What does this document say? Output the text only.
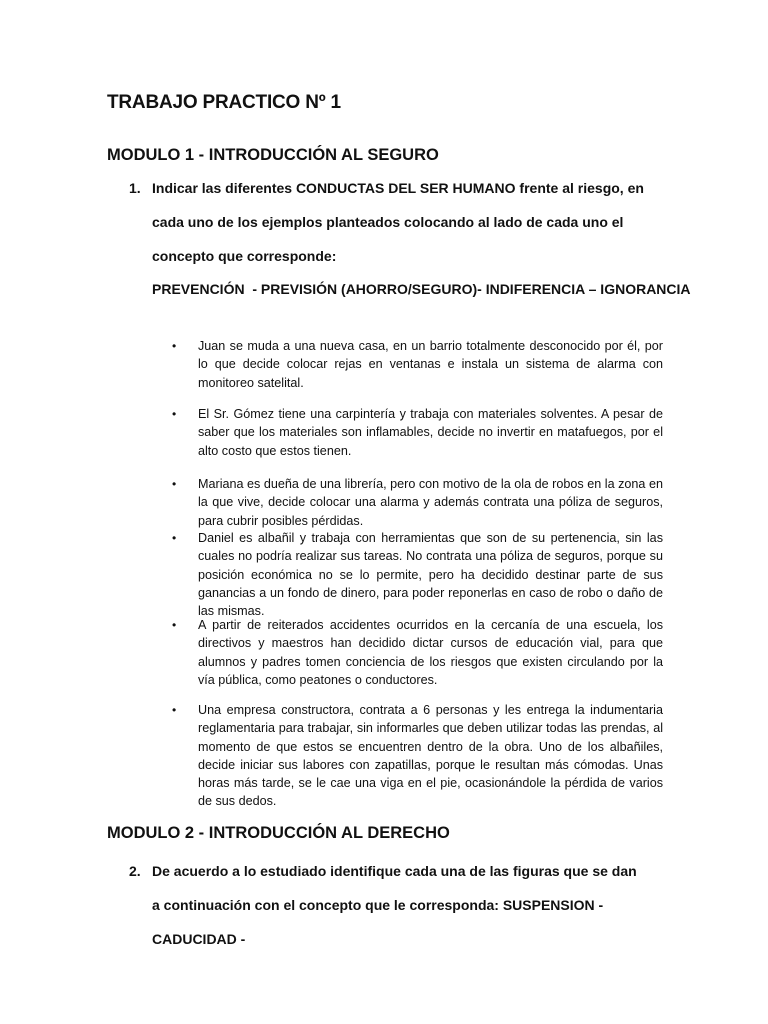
TRABAJO PRACTICO Nº 1
MODULO 1 - INTRODUCCIÓN AL SEGURO
1. Indicar las diferentes CONDUCTAS DEL SER HUMANO frente al riesgo, en cada uno de los ejemplos planteados colocando al lado de cada uno el concepto que corresponde:

PREVENCIÓN  - PREVISIÓN (AHORRO/SEGURO)- INDIFERENCIA – IGNORANCIA

•	Juan se muda a una nueva casa, en un barrio totalmente desconocido por él, por lo que decide colocar rejas en ventanas e instala un sistema de alarma con monitoreo satelital.
•	El Sr. Gómez tiene una carpintería y trabaja con materiales solventes. A pesar de saber que los materiales son inflamables, decide no invertir en matafuegos, por el alto costo que estos tienen.
•	Mariana es dueña de una librería, pero con motivo de la ola de robos en la zona en la que vive, decide colocar una alarma y además contrata una póliza de seguros, para cubrir posibles pérdidas.
•	Daniel es albañil y trabaja con herramientas que son de su pertenencia, sin las cuales no podría realizar sus tareas. No contrata una póliza de seguros, porque su posición económica no se lo permite, pero ha decidido destinar parte de sus ganancias a un fondo de dinero, para poder reponerlas en caso de robo o daño de las mismas.
•	A partir de reiterados accidentes ocurridos en la cercanía de una escuela, los directivos y maestros han decidido dictar cursos de educación vial, para que alumnos y padres tomen conciencia de los riesgos que existen circulando por la vía pública, como peatones o conductores.
•	Una empresa constructora, contrata a 6 personas y les entrega la indumentaria reglamentaria para trabajar, sin informarles que deben utilizar todas las prendas, al momento de que estos se encuentren dentro de la obra. Uno de los albañiles, decide iniciar sus labores con zapatillas, porque le resultan más cómodas. Unas horas más tarde, se le cae una viga en el pie, ocasionándole la pérdida de varios de sus dedos.
MODULO 2 - INTRODUCCIÓN AL DERECHO
2. De acuerdo a lo estudiado identifique cada una de las figuras que se dan a continuación con el concepto que le corresponda: SUSPENSION - CADUCIDAD -
